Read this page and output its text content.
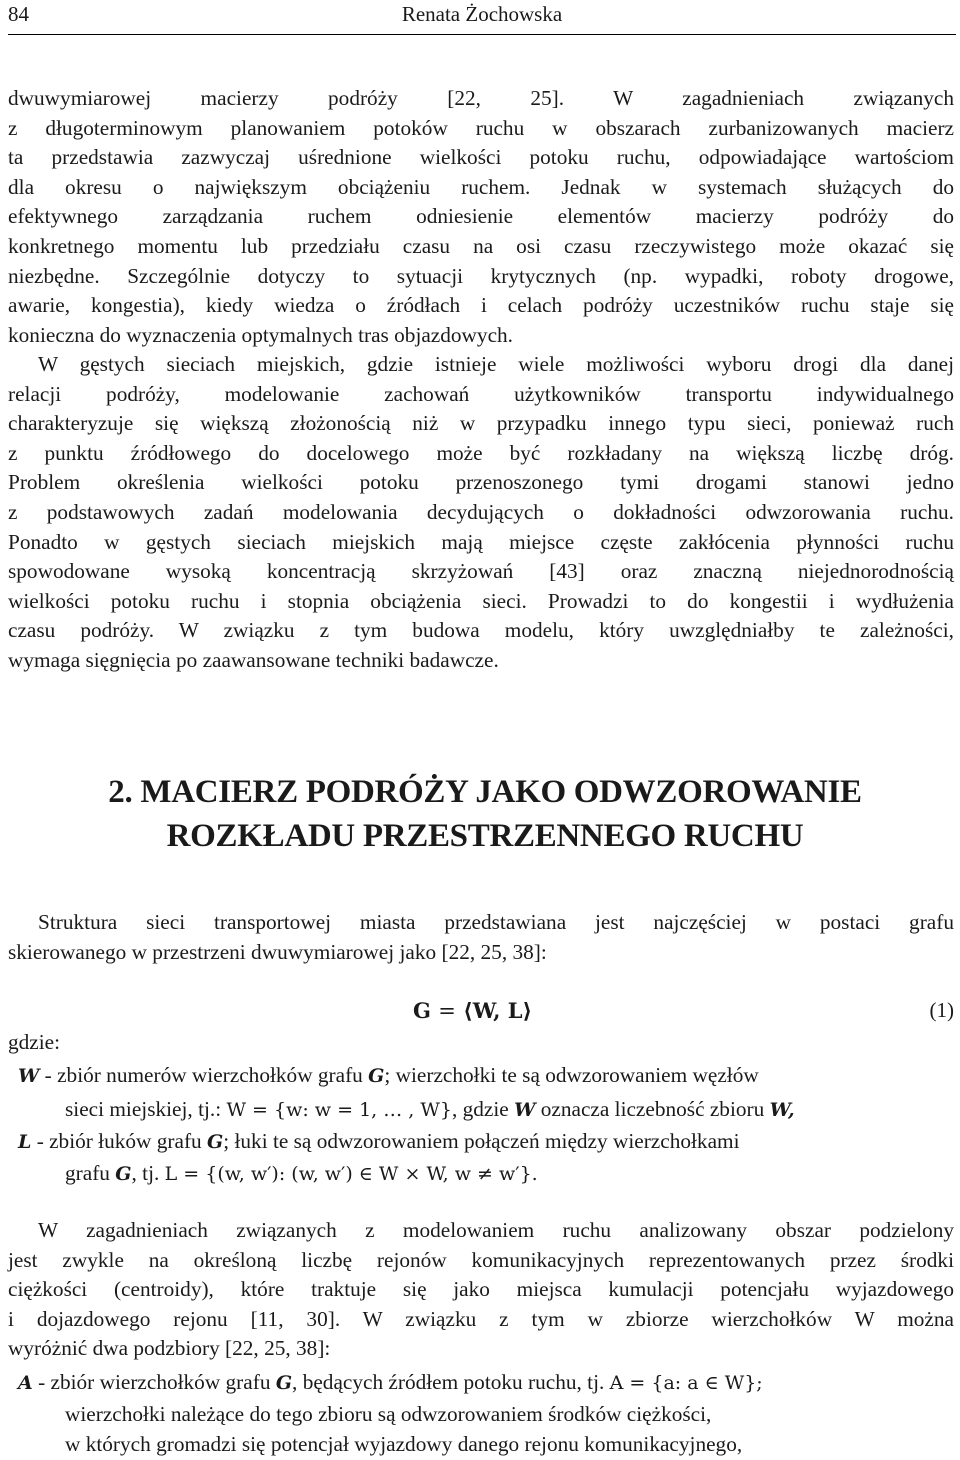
84	Renata Żochowska
dwuwymiarowej macierzy podróży [22, 25]. W zagadnieniach związanych
z długoterminowym planowaniem potoków ruchu w obszarach zurbanizowanych macierz
ta przedstawia zazwyczaj uśrednione wielkości potoku ruchu, odpowiadające wartościom
dla okresu o największym obciążeniu ruchem. Jednak w systemach służących do
efektywnego zarządzania ruchem odniesienie elementów macierzy podróży do
konkretnego momentu lub przedziału czasu na osi czasu rzeczywistego może okazać się
niezbędne. Szczególnie dotyczy to sytuacji krytycznych (np. wypadki, roboty drogowe,
awarie, kongestia), kiedy wiedza o źródłach i celach podróży uczestników ruchu staje się
konieczna do wyznaczenia optymalnych tras objazdowych.
W gęstych sieciach miejskich, gdzie istnieje wiele możliwości wyboru drogi dla danej
relacji podróży, modelowanie zachowań użytkowników transportu indywidualnego
charakteryzuje się większą złożonością niż w przypadku innego typu sieci, ponieważ ruch
z punktu źródłowego do docelowego może być rozkładany na większą liczbę dróg.
Problem określenia wielkości potoku przenoszonego tymi drogami stanowi jedno
z podstawowych zadań modelowania decydujących o dokładności odwzorowania ruchu.
Ponadto w gęstych sieciach miejskich mają miejsce częste zakłócenia płynności ruchu
spowodowane wysoką koncentracją skrzyżowań [43] oraz znaczną niejednorodnością
wielkości potoku ruchu i stopnia obciążenia sieci. Prowadzi to do kongestii i wydłużenia
czasu podróży. W związku z tym budowa modelu, który uwzględniałby te zależności,
wymaga sięgnięcia po zaawansowane techniki badawcze.
2. MACIERZ PODRÓŻY JAKO ODWZOROWANIE
ROZKŁADU PRZESTRZENNEGO RUCHU
Struktura sieci transportowej miasta przedstawiana jest najczęściej w postaci grafu
skierowanego w przestrzeni dwuwymiarowej jako [22, 25, 38]:
G = ⟨W, L⟩	(1)
gdzie:
W - zbiór numerów wierzchołków grafu G; wierzchołki te są odwzorowaniem węzłów
sieci miejskiej, tj.: W = {w: w = 1, … , W}, gdzie W oznacza liczebność zbioru W,
L - zbiór łuków grafu G; łuki te są odwzorowaniem połączeń między wierzchołkami
grafu G, tj. L = {(w, w′): (w, w′) ∈ W × W, w ≠ w′}.
W zagadnieniach związanych z modelowaniem ruchu analizowany obszar podzielony
jest zwykle na określoną liczbę rejonów komunikacyjnych reprezentowanych przez środki
ciężkości (centroidy), które traktuje się jako miejsca kumulacji potencjału wyjazdowego
i dojazdowego rejonu [11, 30]. W związku z tym w zbiorze wierzchołków W można
wyróżnić dwa podzbiory [22, 25, 38]:
A - zbiór wierzchołków grafu G, będących źródłem potoku ruchu, tj. A = {a: a ∈ W};
wierzchołki należące do tego zbioru są odwzorowaniem środków ciężkości,
w których gromadzi się potencjał wyjazdowy danego rejonu komunikacyjnego,
